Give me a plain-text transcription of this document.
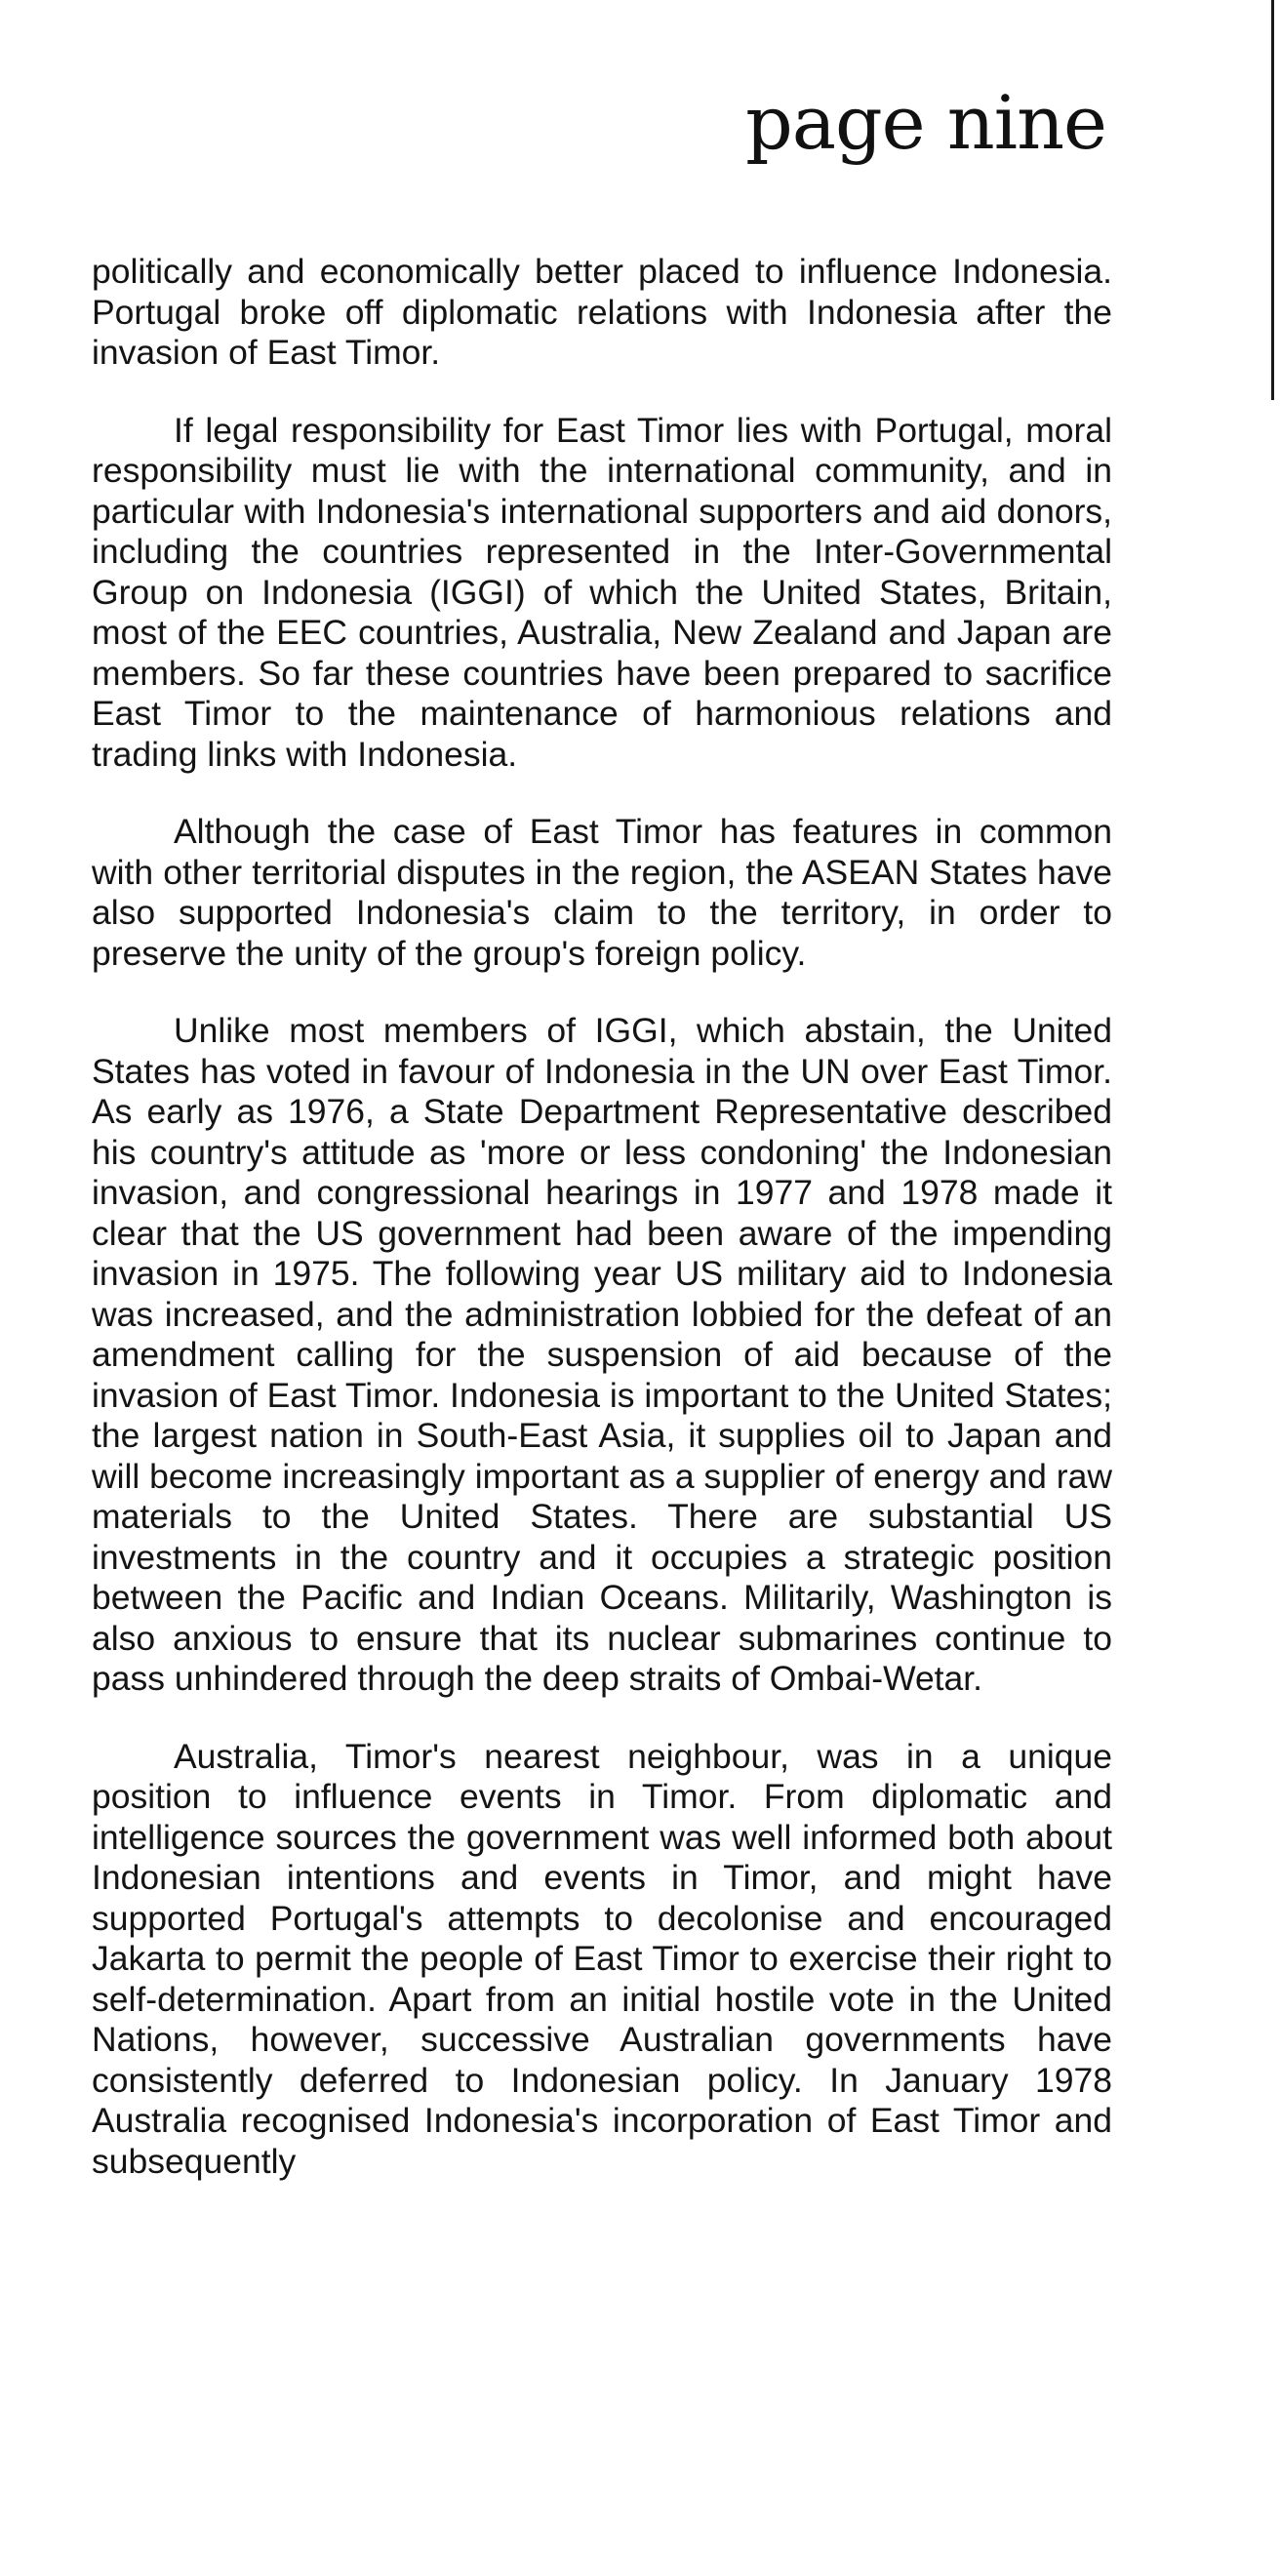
page nine

politically and economically better placed to influence Indonesia. Portugal broke off diplomatic relations with Indonesia after the invasion of East Timor.

If legal responsibility for East Timor lies with Portugal, moral responsibility must lie with the international community, and in particular with Indonesia's international supporters and aid donors, including the countries represented in the Inter-Governmental Group on Indonesia (IGGI) of which the United States, Britain, most of the EEC countries, Australia, New Zealand and Japan are members. So far these countries have been prepared to sacrifice East Timor to the maintenance of harmonious relations and trading links with Indonesia.

Although the case of East Timor has features in common with other territorial disputes in the region, the ASEAN States have also supported Indonesia's claim to the territory, in order to preserve the unity of the group's foreign policy.

Unlike most members of IGGI, which abstain, the United States has voted in favour of Indonesia in the UN over East Timor. As early as 1976, a State Department Representative described his country's attitude as 'more or less condoning' the Indonesian invasion, and congressional hearings in 1977 and 1978 made it clear that the US government had been aware of the impending invasion in 1975. The following year US military aid to Indonesia was increased, and the administration lobbied for the defeat of an amendment calling for the suspension of aid because of the invasion of East Timor. Indonesia is important to the United States; the largest nation in South-East Asia, it supplies oil to Japan and will become increasingly important as a supplier of energy and raw materials to the United States. There are substantial US investments in the country and it occupies a strategic position between the Pacific and Indian Oceans. Militarily, Washington is also anxious to ensure that its nuclear submarines continue to pass unhindered through the deep straits of Ombai-Wetar.

Australia, Timor's nearest neighbour, was in a unique position to influence events in Timor. From diplomatic and intelligence sources the government was well informed both about Indonesian intentions and events in Timor, and might have supported Portugal's attempts to decolonise and encouraged Jakarta to permit the people of East Timor to exercise their right to self-determination. Apart from an initial hostile vote in the United Nations, however, successive Australian governments have consistently deferred to Indonesian policy. In January 1978 Australia recognised Indonesia's incorporation of East Timor and subsequently
